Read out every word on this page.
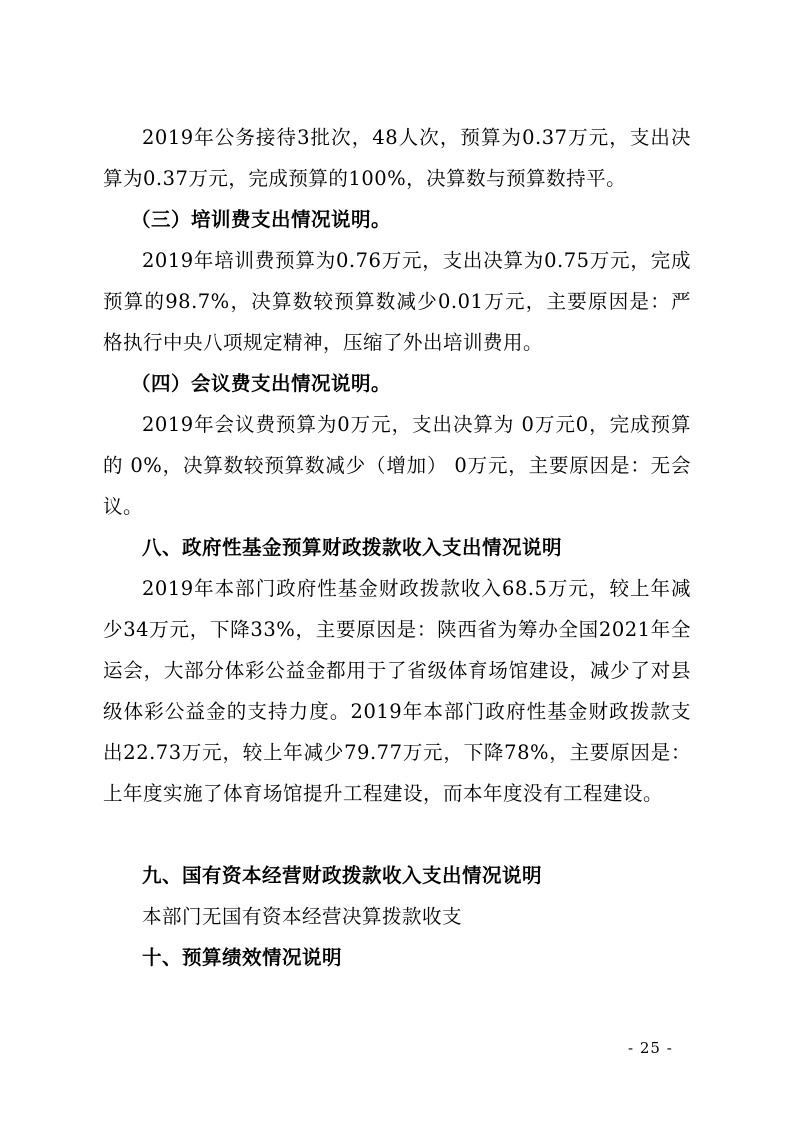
2019年公务接待3批次，48人次，预算为0.37万元，支出决算为0.37万元，完成预算的100%，决算数与预算数持平。

（三）培训费支出情况说明。

2019年培训费预算为0.76万元，支出决算为0.75万元，完成预算的98.7%，决算数较预算数减少0.01万元，主要原因是：严格执行中央八项规定精神，压缩了外出培训费用。

（四）会议费支出情况说明。

2019年会议费预算为0万元，支出决算为 0万元0，完成预算的 0%，决算数较预算数减少（增加） 0万元，主要原因是：无会议。

八、政府性基金预算财政拨款收入支出情况说明

2019年本部门政府性基金财政拨款收入68.5万元，较上年减少34万元，下降33%，主要原因是：陕西省为筹办全国2021年全运会，大部分体彩公益金都用于了省级体育场馆建设，减少了对县级体彩公益金的支持力度。2019年本部门政府性基金财政拨款支出22.73万元，较上年减少79.77万元，下降78%，主要原因是：上年度实施了体育场馆提升工程建设，而本年度没有工程建设。

九、国有资本经营财政拨款收入支出情况说明

本部门无国有资本经营决算拨款收支

十、预算绩效情况说明

- 25 -
